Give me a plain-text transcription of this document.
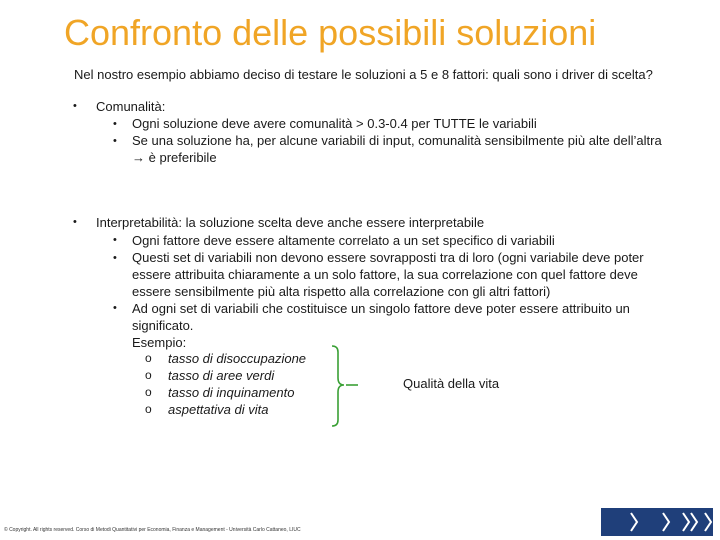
Confronto delle possibili soluzioni
Nel nostro esempio abbiamo deciso di testare le soluzioni a 5 e 8 fattori: quali sono i driver di scelta?
• Comunalità:
• Ogni soluzione deve avere comunalità > 0.3-0.4 per TUTTE le variabili
• Se una soluzione ha, per alcune variabili di input, comunalità sensibilmente più alte dell’altra
→ è preferibile
• Interpretabilità: la soluzione scelta deve anche essere interpretabile
• Ogni fattore deve essere altamente correlato a un set specifico di variabili
• Questi set di variabili non devono essere sovrapposti tra di loro (ogni variabile deve poter
essere attribuita chiaramente a un solo fattore, la sua correlazione con quel fattore deve
essere sensibilmente più alta rispetto alla correlazione con gli altri fattori)
• Ad ogni set di variabili che costituisce un singolo fattore deve poter essere attribuito un
significato.
Esempio:
o tasso di disoccupazione
o tasso di aree verdi
o tasso di inquinamento
o aspettativa di vita
Qualità della vita
© Copyright. All rights reserved. Corso di Metodi Quantitativi per Economia, Finanza e Management - Università Carlo Cattaneo, LIUC
